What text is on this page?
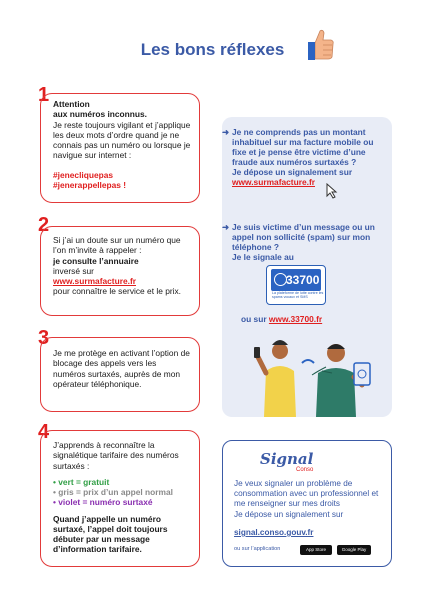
Les bons réflexes
1 Attention
aux numéros inconnus.
Je reste toujours vigilant et j’applique les deux mots d’ordre quand je ne connais pas un numéro ou lorsque je navigue sur internet :
#jenecliquepas
#jenerappellepas !
2
Si j’ai un doute sur un numéro que l’on m’invite à rappeler :
je consulte l’annuaire
inversé sur
www.surmafacture.fr
pour connaître le service et le prix.
3
Je me protège en activant l’option de blocage des appels vers les numéros surtaxés, auprès de mon opérateur téléphonique.
4
J’apprends à reconnaître la signalétique tarifaire des numéros surtaxés :
• vert = gratuit
• gris = prix d’un appel normal
• violet = numéro surtaxé
Quand j’appelle un numéro surtaxé, l’appel doit toujours débuter par un message d’information tarifaire.
➜ Je ne comprends pas un montant inhabituel sur ma facture mobile ou fixe et je pense être victime d’une fraude aux numéros surtaxés ?
Je dépose un signalement sur
www.surmafacture.fr
➜ Je suis victime d’un message ou un appel non sollicité (spam) sur mon téléphone ?
Je le signale au
33700
La plateforme de lutte contre les spams vocaux et SMS
ou sur www.33700.fr
Signal
Conso
Je veux signaler un problème de consommation avec un professionnel et me renseigner sur mes droits
Je dépose un signalement sur
signal.conso.gouv.fr
ou sur l’application	App Store	Google Play
